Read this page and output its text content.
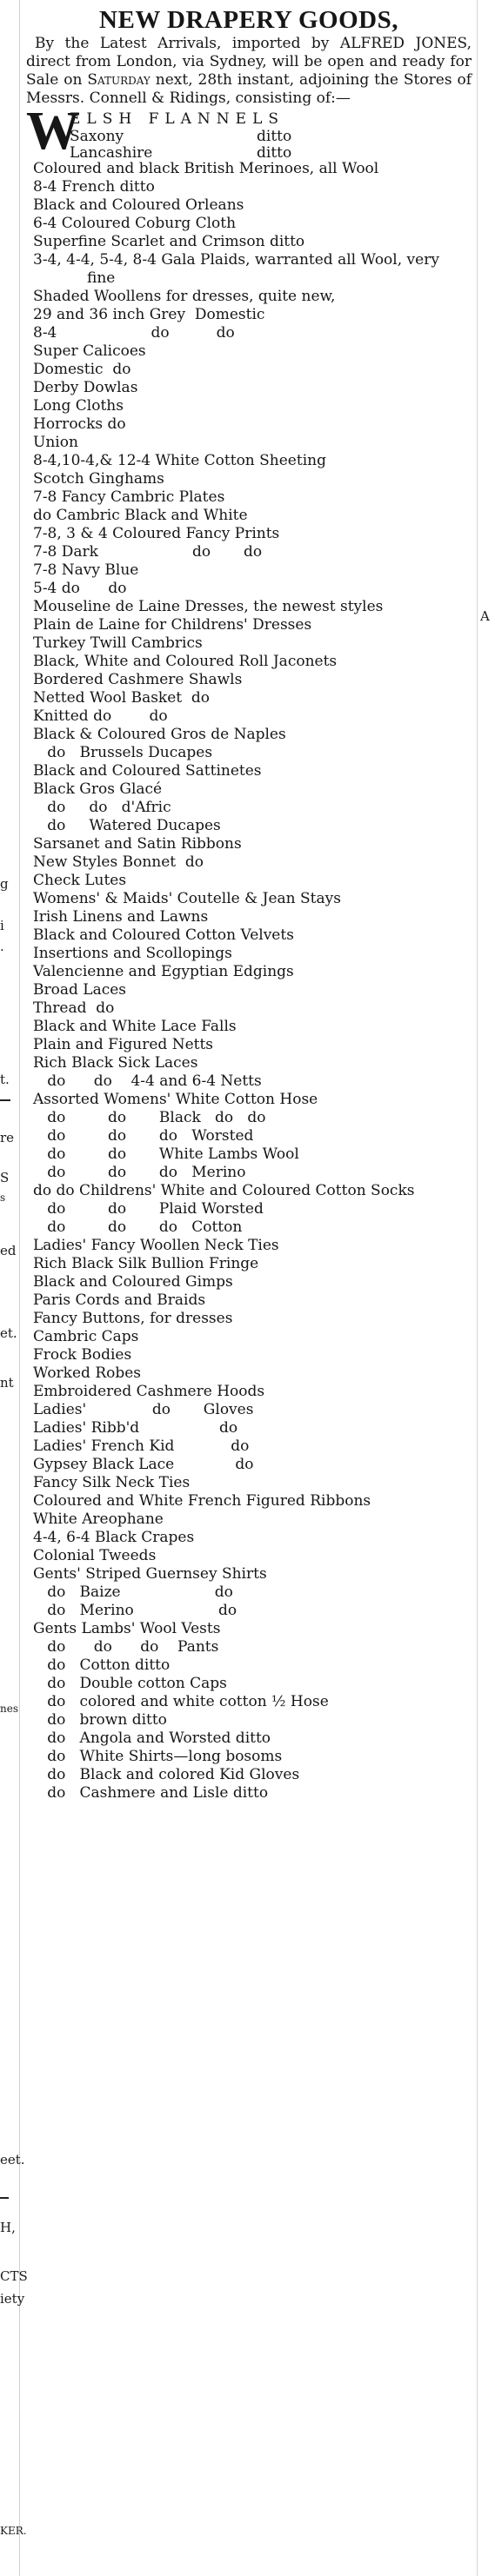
g
i
.
t.
re
S
s
ed
et.
nt
nes
eet.
H,
CTS
iety
KER.
A
NEW DRAPERY GOODS,

By the Latest Arrivals, imported by ALFRED JONES, direct from London, via Sydney, will be open and ready for Sale on Saturday next, 28th instant, adjoining the Stores of Messrs. Connell & Ridings, consisting of:—

W
ELSH FLANNELS
Saxony	ditto
Lancashire	ditto
Coloured and black British Merinoes, all Wool
8-4 French ditto
Black and Coloured Orleans
6-4 Coloured Coburg Cloth
Superfine Scarlet and Crimson ditto
3-4, 4-4, 5-4, 8-4 Gala Plaids, warranted all Wool, very fine
Shaded Woollens for dresses, quite new,
29 and 36 inch Grey  Domestic
8-4                    do          do
Super Calicoes
Domestic  do
Derby Dowlas
Long Cloths
Horrocks do
Union
8-4,10-4,& 12-4 White Cotton Sheeting
Scotch Ginghams
7-8 Fancy Cambric Plates
do Cambric Black and White
7-8, 3 & 4 Coloured Fancy Prints
7-8 Dark                    do       do
7-8 Navy Blue
5-4 do      do
Mouseline de Laine Dresses, the newest styles
Plain de Laine for Childrens' Dresses
Turkey Twill Cambrics
Black, White and Coloured Roll Jaconets
Bordered Cashmere Shawls
Netted Wool Basket  do
Knitted do        do
Black & Coloured Gros de Naples
do   Brussels Ducapes
Black and Coloured Sattinetes
Black Gros Glacé
do     do   d'Afric
do     Watered Ducapes
Sarsanet and Satin Ribbons
New Styles Bonnet  do
Check Lutes
Womens' & Maids' Coutelle & Jean Stays
Irish Linens and Lawns
Black and Coloured Cotton Velvets
Insertions and Scollopings
Valencienne and Egyptian Edgings
Broad Laces
Thread  do
Black and White Lace Falls
Plain and Figured Netts
Rich Black Sick Laces
do      do    4-4 and 6-4 Netts
Assorted Womens' White Cotton Hose
do         do       Black   do   do
do         do       do   Worsted
do         do       White Lambs Wool
do         do       do   Merino
do do Childrens' White and Coloured Cotton Socks
do         do       Plaid Worsted
do         do       do   Cotton
Ladies' Fancy Woollen Neck Ties
Rich Black Silk Bullion Fringe
Black and Coloured Gimps
Paris Cords and Braids
Fancy Buttons, for dresses
Cambric Caps
Frock Bodies
Worked Robes
Embroidered Cashmere Hoods
Ladies'              do       Gloves
Ladies' Ribb'd                 do
Ladies' French Kid            do
Gypsey Black Lace             do
Fancy Silk Neck Ties
Coloured and White French Figured Ribbons
White Areophane
4-4, 6-4 Black Crapes
Colonial Tweeds
Gents' Striped Guernsey Shirts
do   Baize                    do
do   Merino                  do
Gents Lambs' Wool Vests
do      do      do    Pants
do   Cotton ditto
do   Double cotton Caps
do   colored and white cotton ½ Hose
do   brown ditto
do   Angola and Worsted ditto
do   White Shirts—long bosoms
do   Black and colored Kid Gloves
do   Cashmere and Lisle ditto
